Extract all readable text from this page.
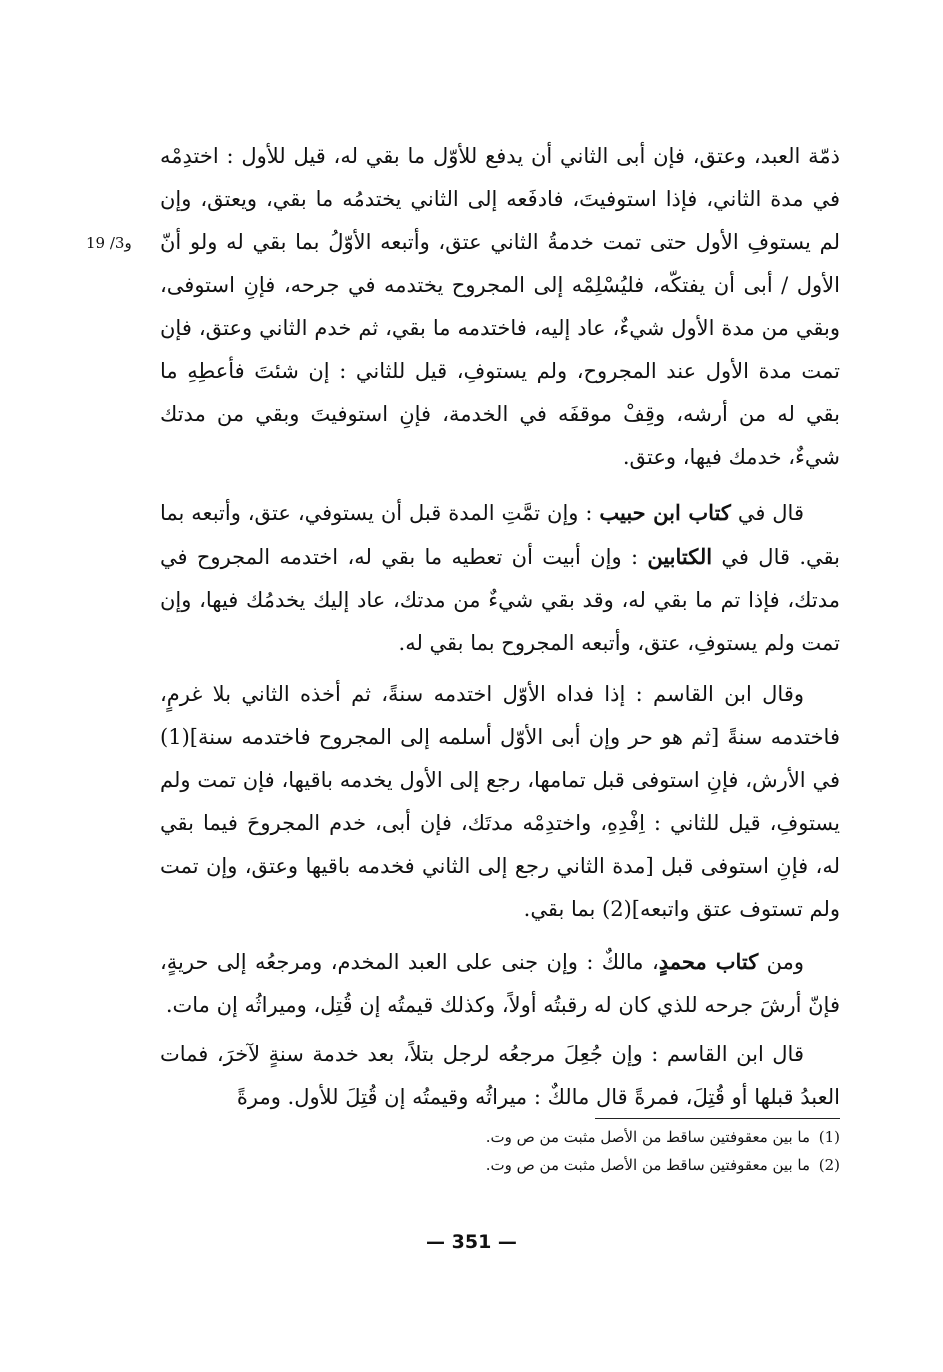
19 /3و

ذمّة العبد، وعتق، فإن أبى الثاني أن يدفع للأوّل ما بقي له، قيل للأول : اختدِمْه في مدة الثاني، فإذا استوفيتَ، فادفَعه إلى الثاني يختدمُه ما بقي، ويعتق، وإن لم يستوفِ الأول حتى تمت خدمةُ الثاني عتق، وأتبعه الأوّلُ بما بقي له ولو أنّ الأول / أبى أن يفتكّه، فليُسْلِمْه إلى المجروح يختدمه في جرحه، فإنِ استوفى، وبقي من مدة الأول شيءٌ، عاد إليه، فاختدمه ما بقي، ثم خدم الثاني وعتق، فإن تمت مدة الأول عند المجروح، ولم يستوفِ، قيل للثاني : إن شئتَ فأعطِهِ ما بقي له من أرشه، وقِفْ موقفَه في الخدمة، فإنِ استوفيتَ وبقي من مدتك شيءٌ، خدمك فيها، وعتق.

قال في كتاب ابن حبيب : وإن تمَّتِ المدة قبل أن يستوفي، عتق، وأتبعه بما بقي. قال في الكتابين : وإن أبيت أن تعطيه ما بقي له، اختدمه المجروح في مدتك، فإذا تم ما بقي له، وقد بقي شيءٌ من مدتك، عاد إليك يخدمُك فيها، وإن تمت ولم يستوفِ، عتق، وأتبعه المجروح بما بقي له.

وقال ابن القاسم : إذا فداه الأوّل اختدمه سنةً، ثم أخذه الثاني بلا غرمٍ، فاختدمه سنةً [ثم هو حر وإن أبى الأوّل أسلمه إلى المجروح فاختدمه سنة](1) في الأرش، فإنِ استوفى قبل تمامها، رجع إلى الأول يخدمه باقيها، فإن تمت ولم يستوفِ، قيل للثاني : اِفْدِهِ، واختدِمْه مدتَك، فإن أبى، خدم المجروحَ فيما بقي له، فإنِ استوفى قبل [مدة الثاني رجع إلى الثاني فخدمه باقيها وعتق، وإن تمت ولم تستوف عتق واتبعه](2) بما بقي.

ومن كتاب محمدٍ، مالكٌ : وإن جنى على العبد المخدم، ومرجعُه إلى حريةٍ، فإنّ أرشَ جرحه للذي كان له رقبتُه أولاً، وكذلك قيمتُه إن قُتِل، وميراثُه إن مات.

قال ابن القاسم : وإن جُعِلَ مرجعُه لرجل بتلاً، بعد خدمة سنةٍ لآخرَ، فمات العبدُ قبلها أو قُتِلَ، فمرةً قال مالكٌ : ميراثُه وقيمتُه إن قُتِلَ للأول. ومرةً

(1)
ما بين معقوفتين ساقط من الأصل مثبت من ص وت.
(2)
ما بين معقوفتين ساقط من الأصل مثبت من ص وت.
— 351 —
